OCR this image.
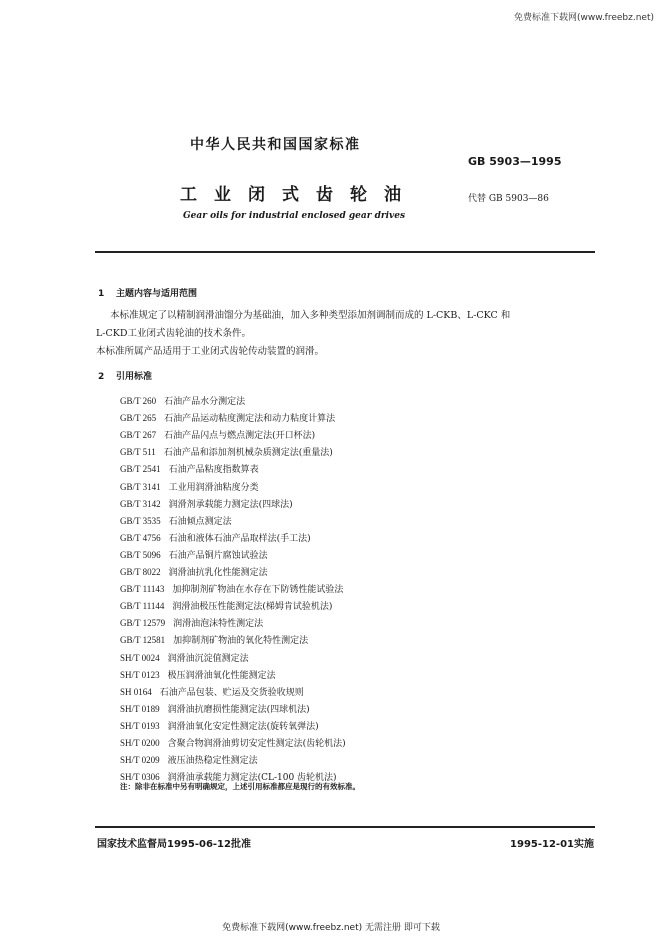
免费标准下载网(www.freebz.net)
中华人民共和国国家标准
GB 5903—1995
工业闭式齿轮油	代替 GB 5903—86
Gear oils for industrial enclosed gear drives
1 主题内容与适用范围
本标准规定了以精制润滑油馏分为基础油，加入多种类型添加剂调制而成的 L-CKB、L-CKC 和
L-CKD工业闭式齿轮油的技术条件。
本标准所属产品适用于工业闭式齿轮传动装置的润滑。
2 引用标准
GB/T 260 石油产品水分测定法
GB/T 265 石油产品运动粘度测定法和动力粘度计算法
GB/T 267 石油产品闪点与燃点测定法(开口杯法)
GB/T 511 石油产品和添加剂机械杂质测定法(重量法)
GB/T 2541 石油产品粘度指数算表
GB/T 3141 工业用润滑油粘度分类
GB/T 3142 润滑剂承载能力测定法(四球法)
GB/T 3535 石油倾点测定法
GB/T 4756 石油和液体石油产品取样法(手工法)
GB/T 5096 石油产品铜片腐蚀试验法
GB/T 8022 润滑油抗乳化性能测定法
GB/T 11143 加抑制剂矿物油在水存在下防锈性能试验法
GB/T 11144 润滑油极压性能测定法(梯姆肯试验机法)
GB/T 12579 润滑油泡沫特性测定法
GB/T 12581 加抑制剂矿物油的氧化特性测定法
SH/T 0024 润滑油沉淀值测定法
SH/T 0123 极压润滑油氧化性能测定法
SH 0164 石油产品包装、贮运及交货验收规则
SH/T 0189 润滑油抗磨损性能测定法(四球机法)
SH/T 0193 润滑油氧化安定性测定法(旋转氧弹法)
SH/T 0200 含聚合物润滑油剪切安定性测定法(齿轮机法)
SH/T 0209 液压油热稳定性测定法
SH/T 0306 润滑油承载能力测定法(CL-100 齿轮机法)
注：除非在标准中另有明确规定，上述引用标准都应是现行的有效标准。
国家技术监督局1995-06-12批准	1995-12-01实施
免费标准下载网(www.freebz.net) 无需注册 即可下载
